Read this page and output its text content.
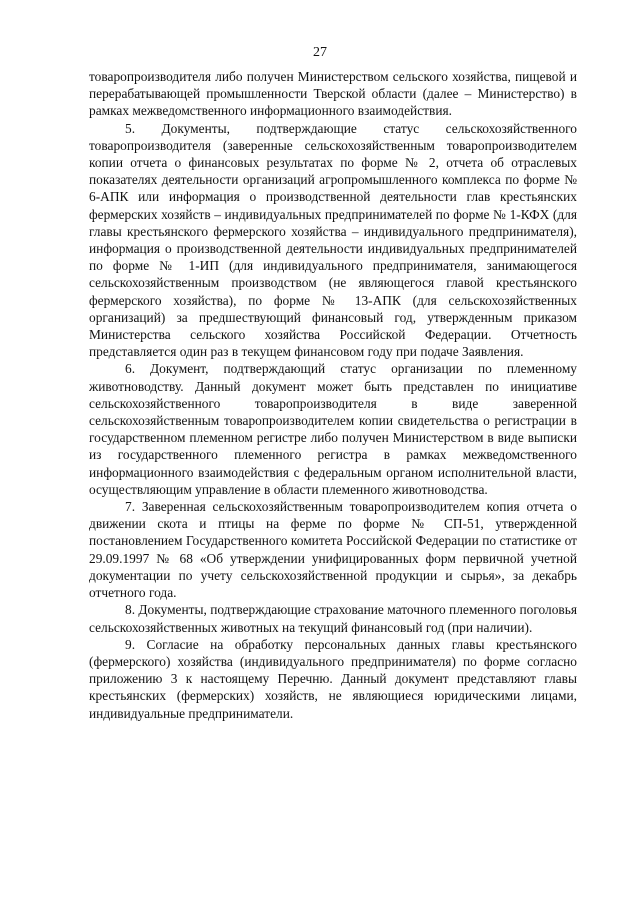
27

товаропроизводителя либо получен Министерством сельского хозяйства, пищевой и перерабатывающей промышленности Тверской области (далее – Министерство) в рамках межведомственного информационного взаимодействия.

5. Документы, подтверждающие статус сельскохозяйственного товаропроизводителя (заверенные сельскохозяйственным товаропроизводителем копии отчета о финансовых результатах по форме № 2, отчета об отраслевых показателях деятельности организаций агропромышленного комплекса по форме № 6-АПК или информация о производственной деятельности глав крестьянских фермерских хозяйств – индивидуальных предпринимателей по форме № 1-КФХ (для главы крестьянского фермерского хозяйства – индивидуального предпринимателя), информация о производственной деятельности индивидуальных предпринимателей по форме № 1-ИП (для индивидуального предпринимателя, занимающегося сельскохозяйственным производством (не являющегося главой крестьянского фермерского хозяйства), по форме № 13-АПК (для сельскохозяйственных организаций) за предшествующий финансовый год, утвержденным приказом Министерства сельского хозяйства Российской Федерации. Отчетность представляется один раз в текущем финансовом году при подаче Заявления.

6. Документ, подтверждающий статус организации по племенному животноводству. Данный документ может быть представлен по инициативе сельскохозяйственного товаропроизводителя в виде заверенной сельскохозяйственным товаропроизводителем копии свидетельства о регистрации в государственном племенном регистре либо получен Министерством в виде выписки из государственного племенного регистра в рамках межведомственного информационного взаимодействия с федеральным органом исполнительной власти, осуществляющим управление в области племенного животноводства.

7. Заверенная сельскохозяйственным товаропроизводителем копия отчета о движении скота и птицы на ферме по форме № СП-51, утвержденной постановлением Государственного комитета Российской Федерации по статистике от 29.09.1997 № 68 «Об утверждении унифицированных форм первичной учетной документации по учету сельскохозяйственной продукции и сырья», за декабрь отчетного года.

8. Документы, подтверждающие страхование маточного племенного поголовья сельскохозяйственных животных на текущий финансовый год (при наличии).

9. Согласие на обработку персональных данных главы крестьянского (фермерского) хозяйства (индивидуального предпринимателя) по форме согласно приложению 3 к настоящему Перечню. Данный документ представляют главы крестьянских (фермерских) хозяйств, не являющиеся юридическими лицами, индивидуальные предприниматели.
